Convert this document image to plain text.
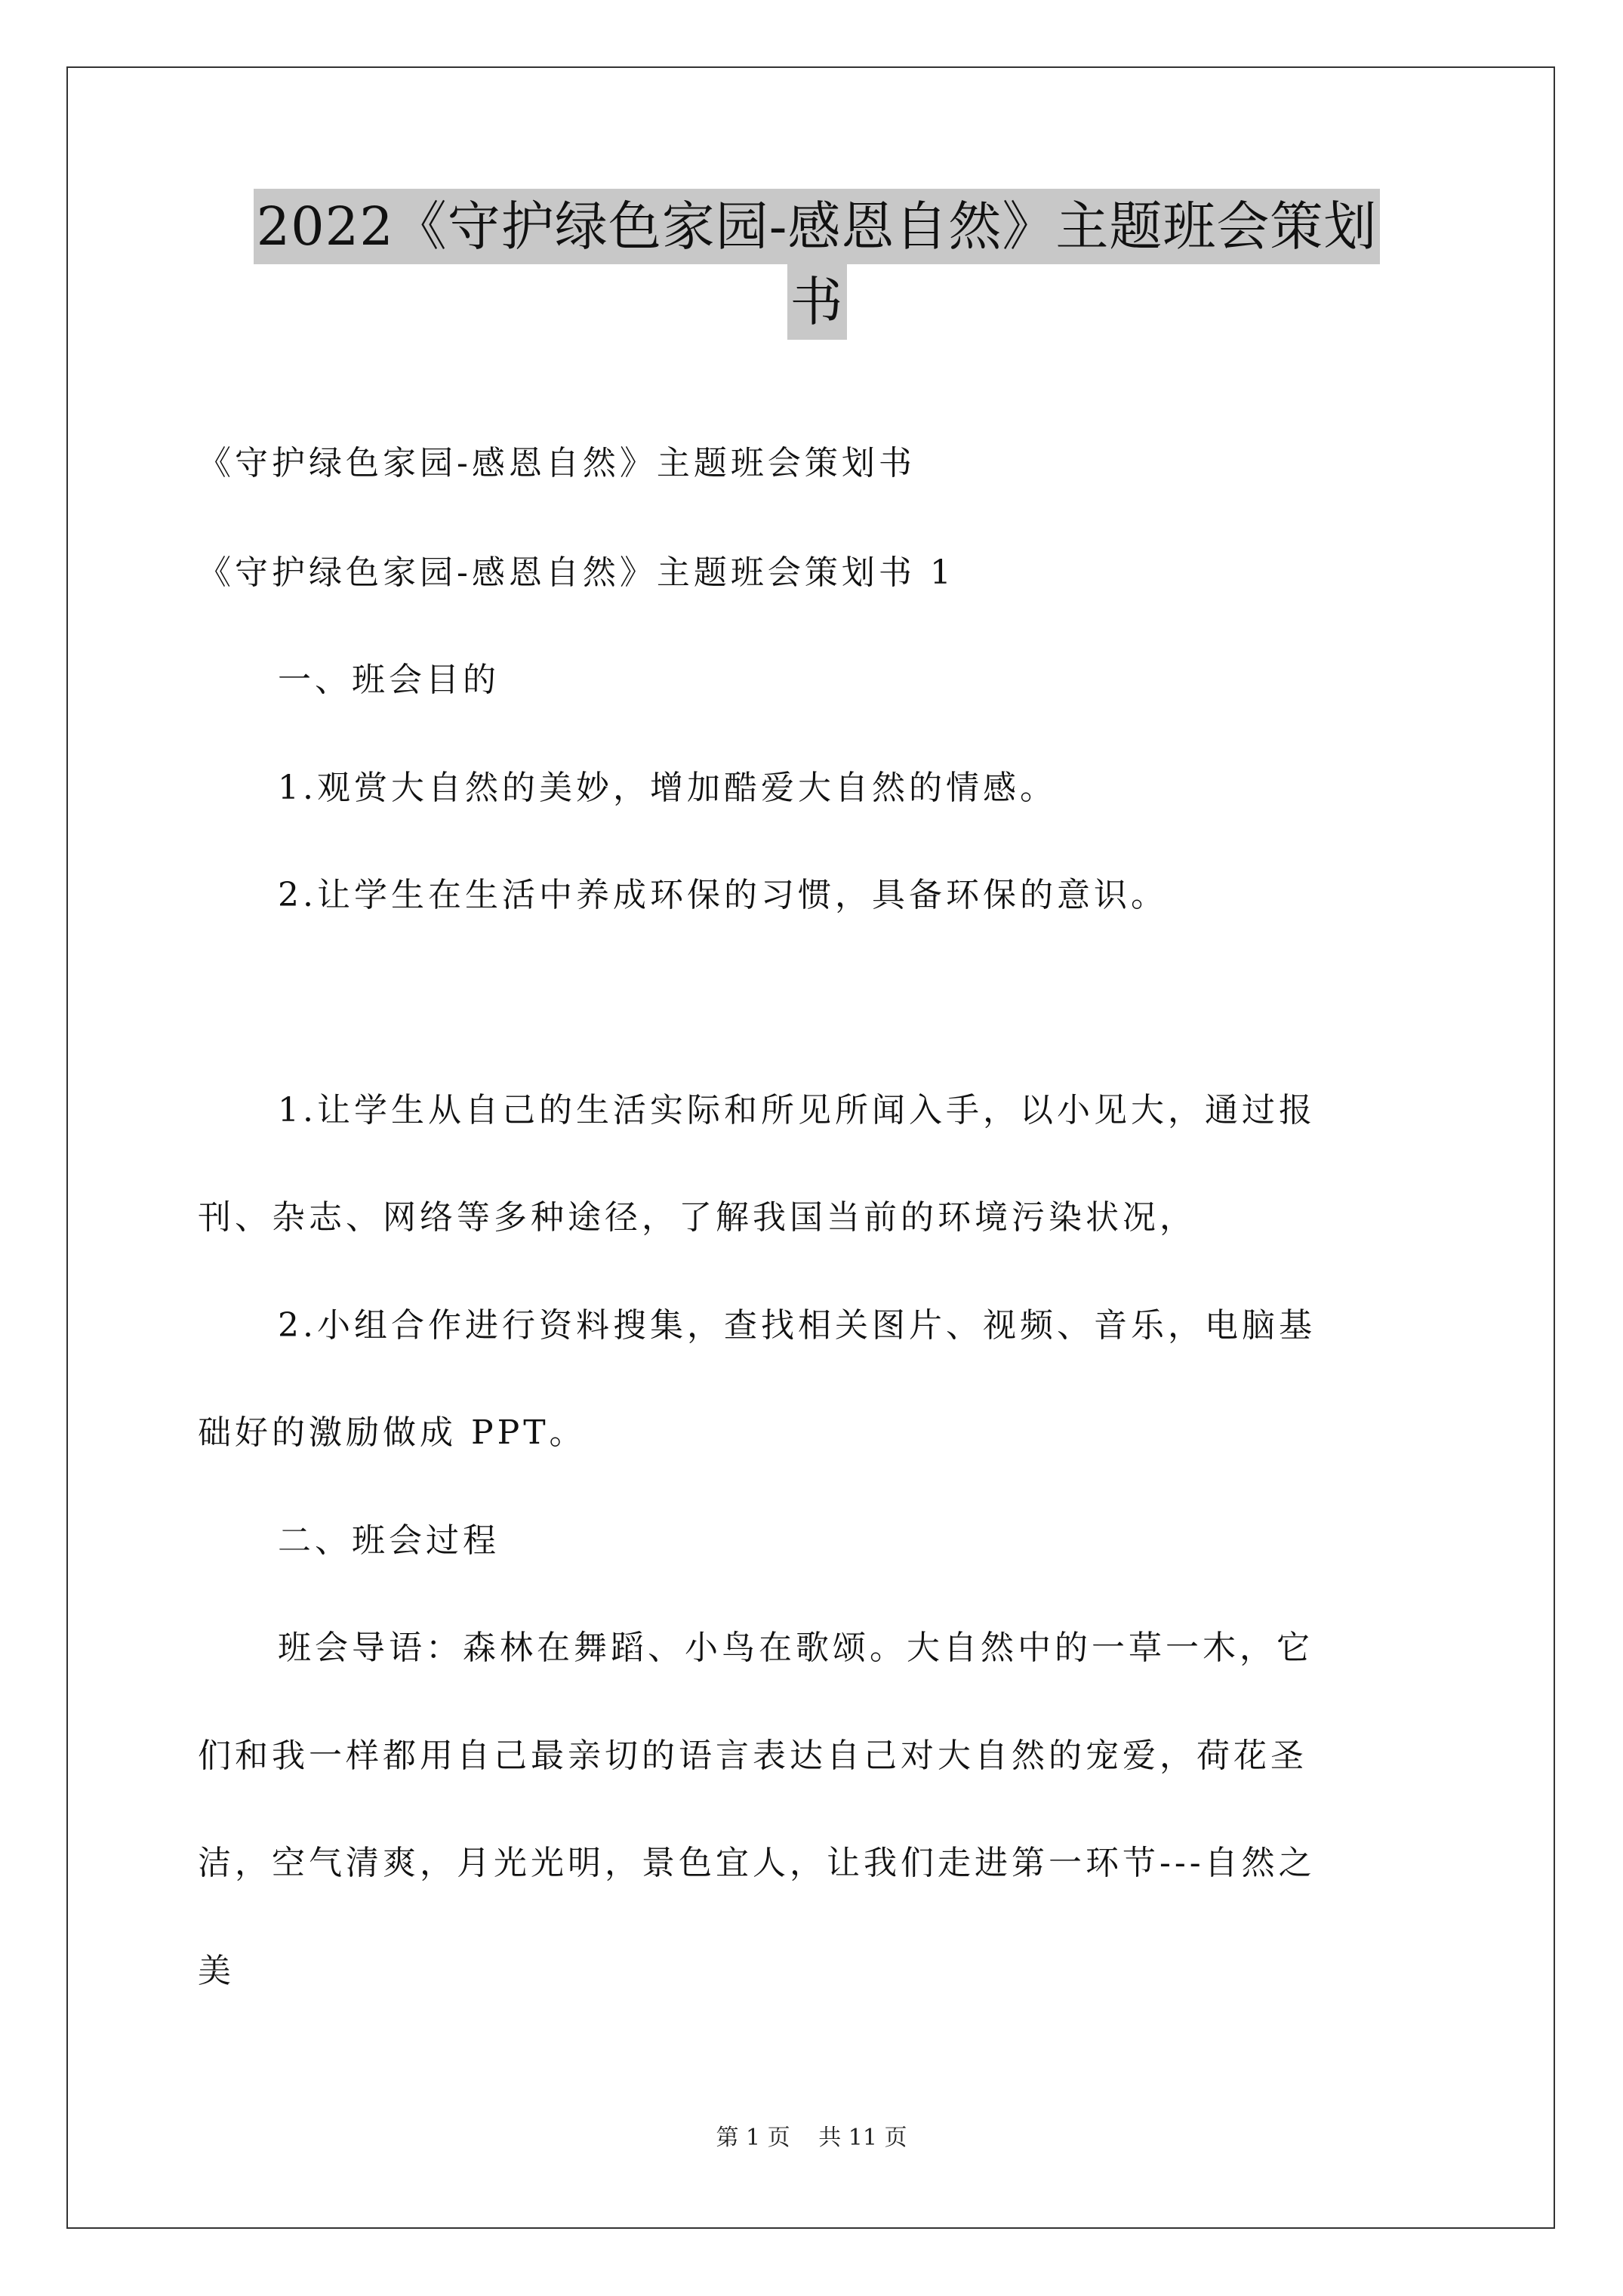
2022《守护绿色家园-感恩自然》主题班会策划
书
《守护绿色家园-感恩自然》主题班会策划书
《守护绿色家园-感恩自然》主题班会策划书 1
一、班会目的
1.观赏大自然的美妙，增加酷爱大自然的情感。
2.让学生在生活中养成环保的习惯，具备环保的意识。
1.让学生从自己的生活实际和所见所闻入手，以小见大，通过报
刊、杂志、网络等多种途径，了解我国当前的环境污染状况，
2.小组合作进行资料搜集，查找相关图片、视频、音乐，电脑基
础好的激励做成 PPT。
二、班会过程
班会导语：森林在舞蹈、小鸟在歌颂。大自然中的一草一木，它
们和我一样都用自己最亲切的语言表达自己对大自然的宠爱，荷花圣
洁，空气清爽，月光光明，景色宜人，让我们走进第一环节---自然之
美
第 1 页 共 11 页
